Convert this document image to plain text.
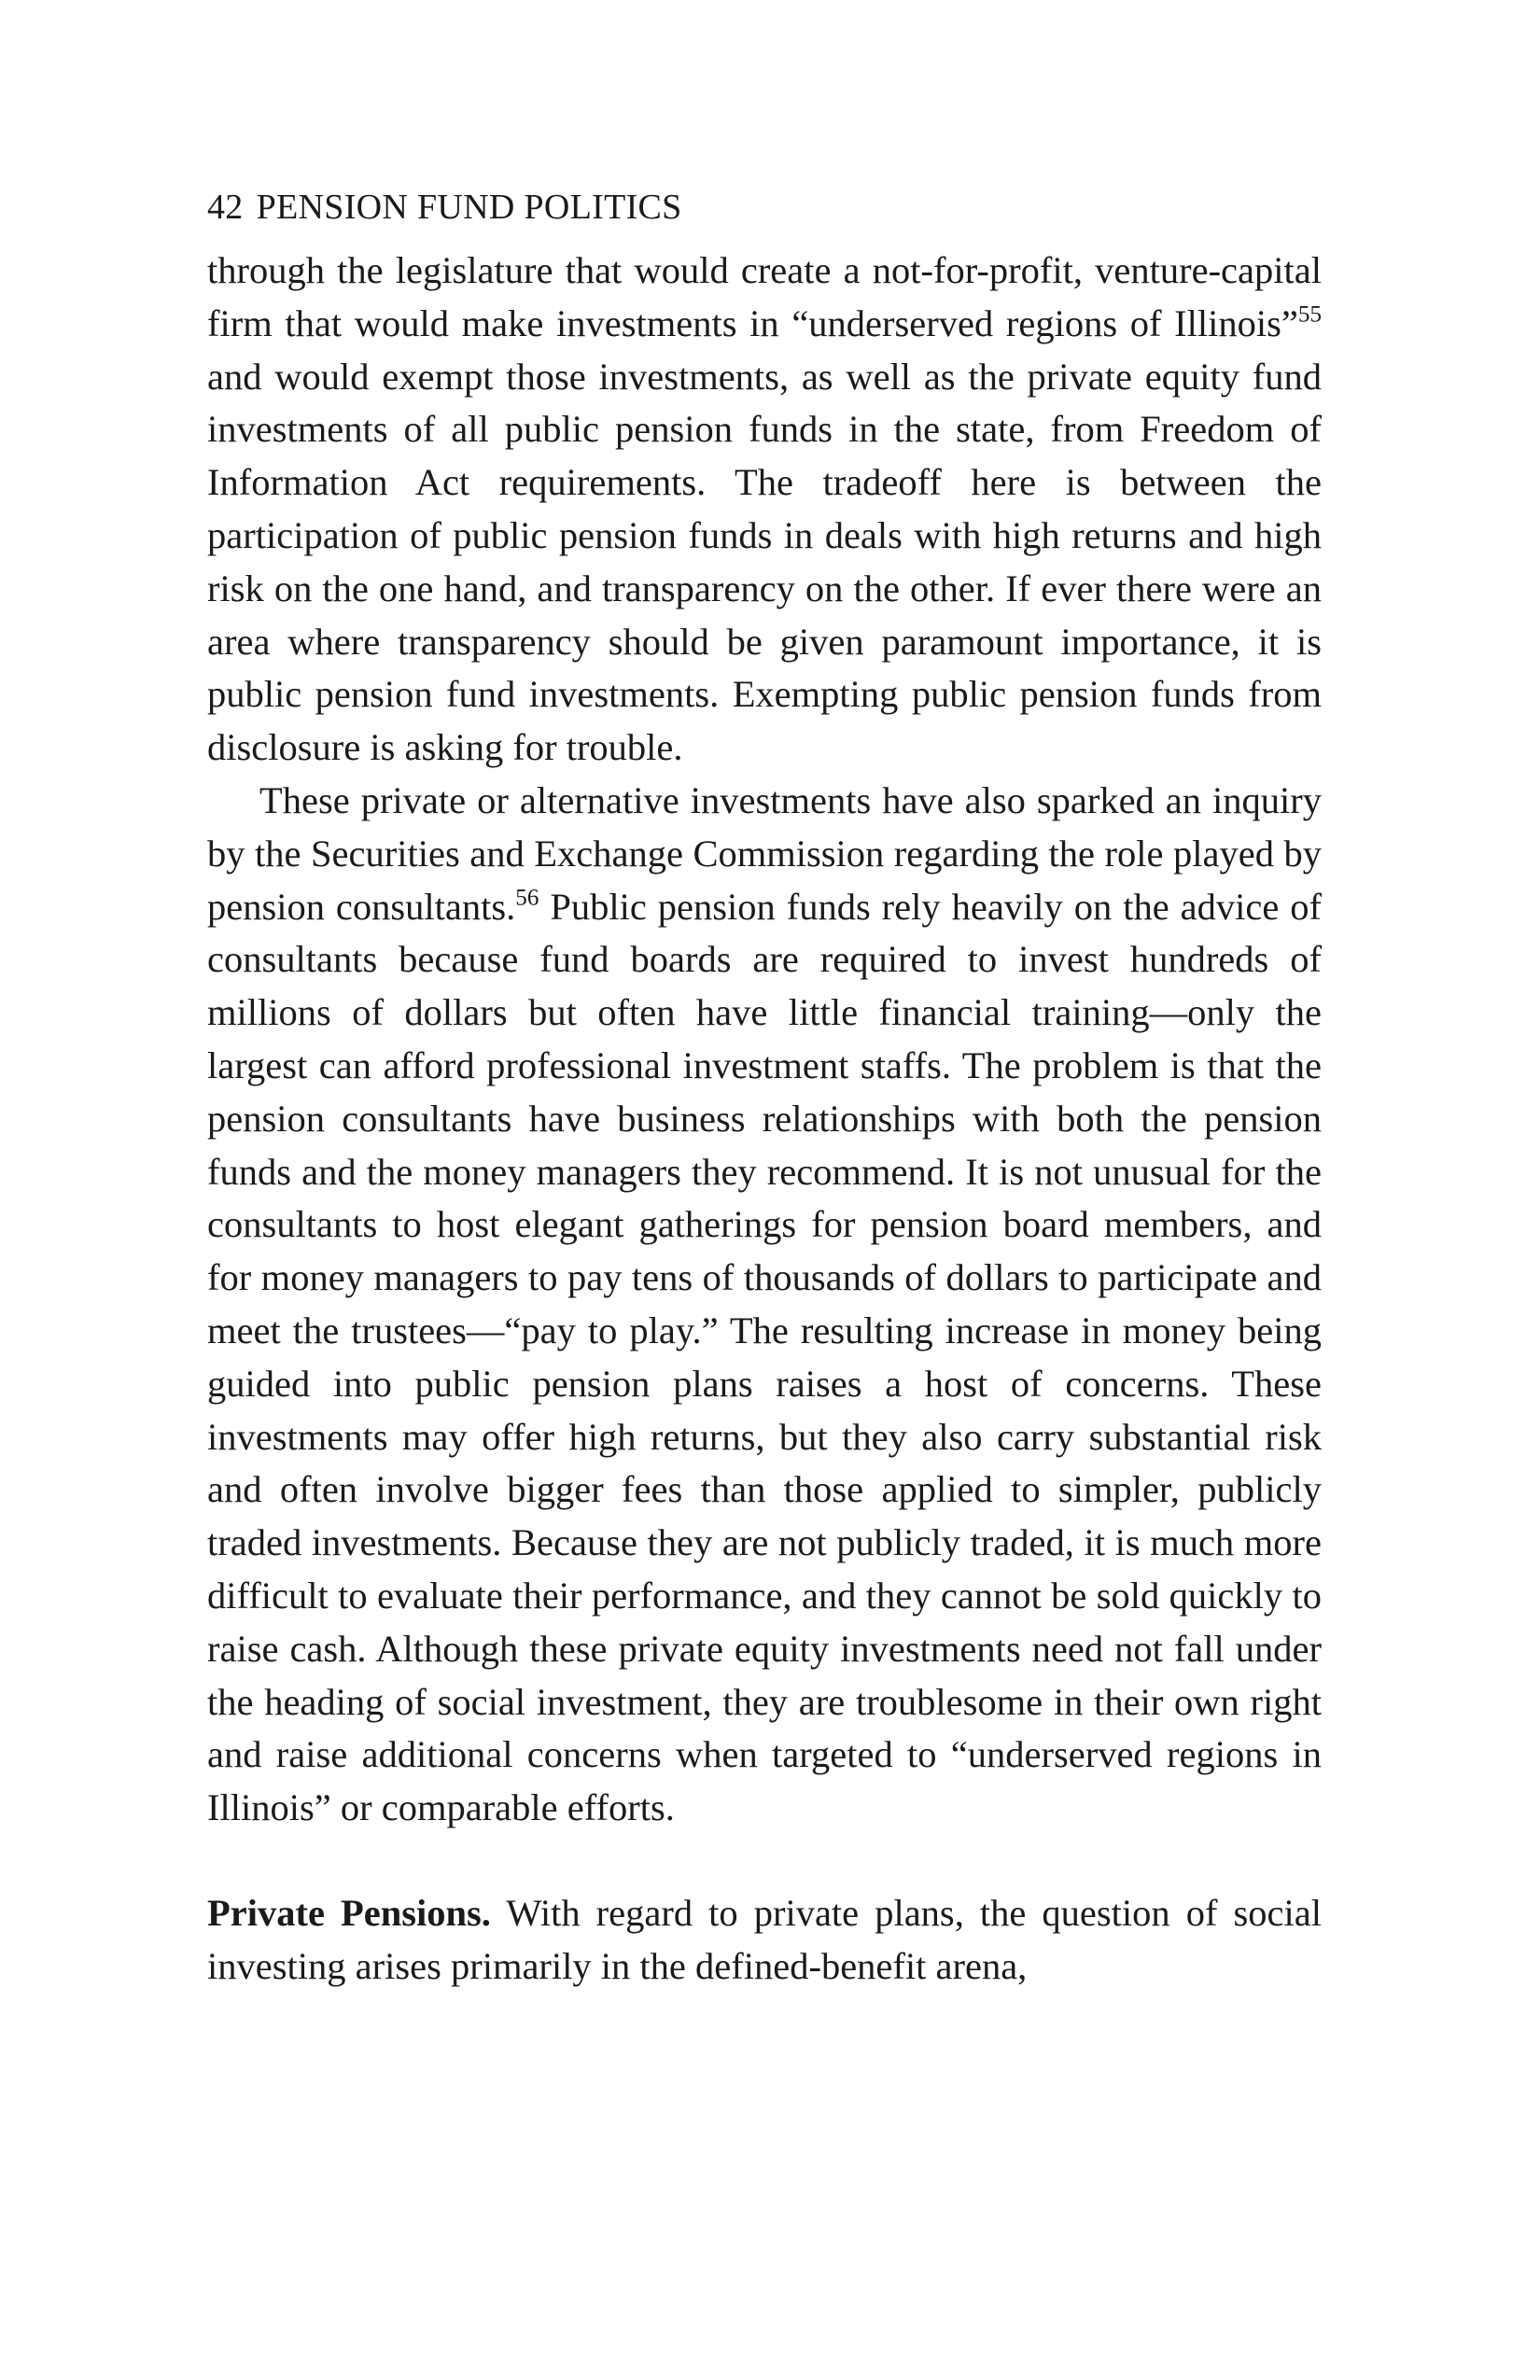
42 PENSION FUND POLITICS

through the legislature that would create a not-for-profit, venture-capital firm that would make investments in “underserved regions of Illinois”$^{55}$ and would exempt those investments, as well as the private equity fund investments of all public pension funds in the state, from Freedom of Information Act requirements. The tradeoff here is between the participation of public pension funds in deals with high returns and high risk on the one hand, and transparency on the other. If ever there were an area where transparency should be given paramount importance, it is public pension fund investments. Exempting public pension funds from disclosure is asking for trouble.

These private or alternative investments have also sparked an inquiry by the Securities and Exchange Commission regarding the role played by pension consultants.$^{56}$ Public pension funds rely heavily on the advice of consultants because fund boards are required to invest hundreds of millions of dollars but often have little financial training—only the largest can afford professional investment staffs. The problem is that the pension consultants have business relationships with both the pension funds and the money managers they recommend. It is not unusual for the consultants to host elegant gatherings for pension board members, and for money managers to pay tens of thousands of dollars to participate and meet the trustees—“pay to play.” The resulting increase in money being guided into public pension plans raises a host of concerns. These investments may offer high returns, but they also carry substantial risk and often involve bigger fees than those applied to simpler, publicly traded investments. Because they are not publicly traded, it is much more difficult to evaluate their performance, and they cannot be sold quickly to raise cash. Although these private equity investments need not fall under the heading of social investment, they are troublesome in their own right and raise additional concerns when targeted to “underserved regions in Illinois” or comparable efforts.

Private Pensions. With regard to private plans, the question of social investing arises primarily in the defined-benefit arena,
